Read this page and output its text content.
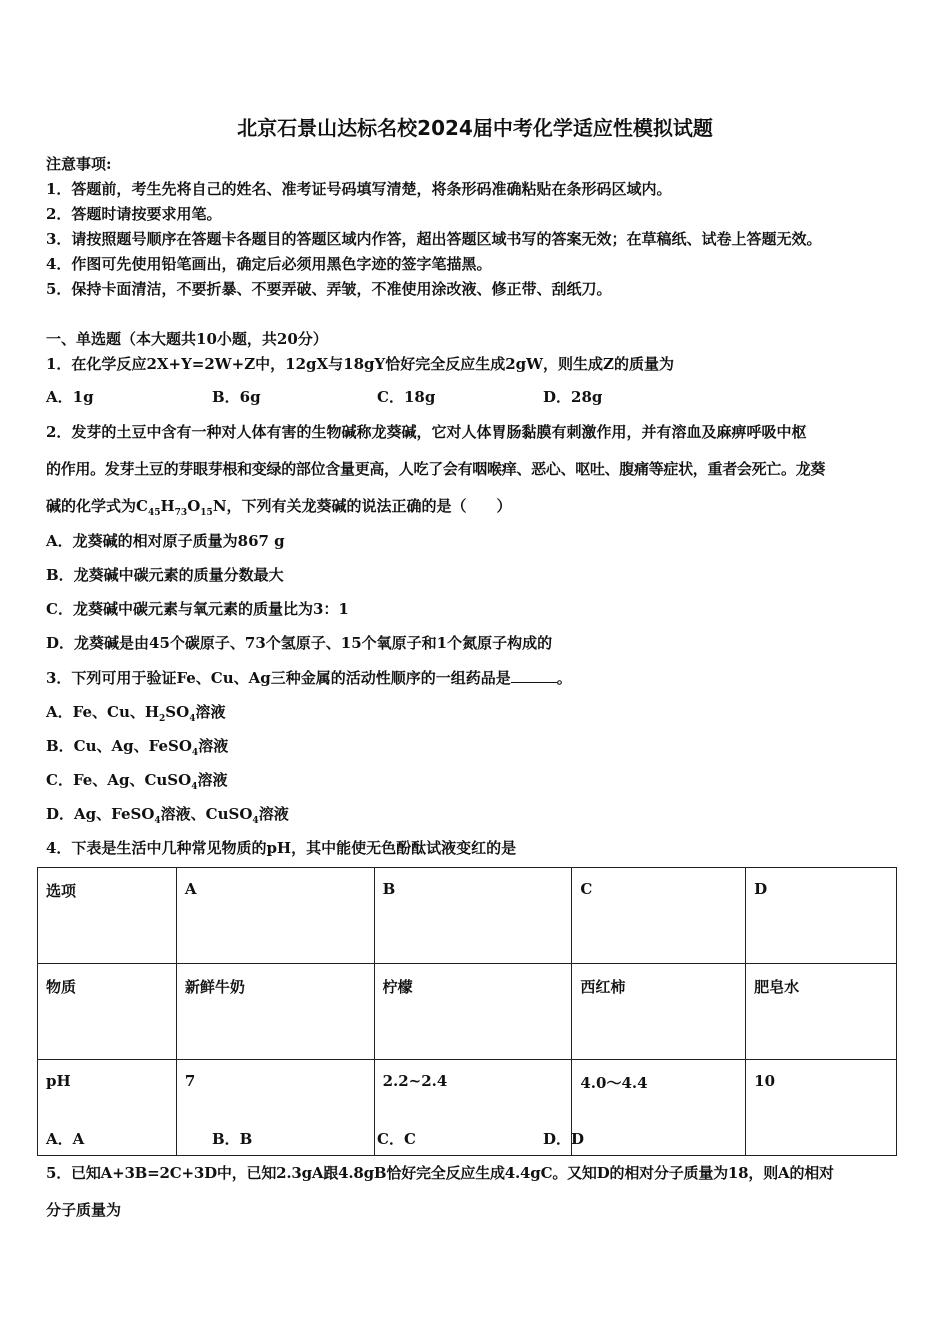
北京石景山达标名校2024届中考化学适应性模拟试题
注意事项:
1．答题前，考生先将自己的姓名、准考证号码填写清楚，将条形码准确粘贴在条形码区域内。
2．答题时请按要求用笔。
3．请按照题号顺序在答题卡各题目的答题区域内作答，超出答题区域书写的答案无效；在草稿纸、试卷上答题无效。
4．作图可先使用铅笔画出，确定后必须用黑色字迹的签字笔描黑。
5．保持卡面清洁，不要折暴、不要弄破、弄皱，不准使用涂改液、修正带、刮纸刀。
一、单选题（本大题共10小题，共20分）
1．在化学反应2X+Y=2W+Z中，12gX与18gY恰好完全反应生成2gW，则生成Z的质量为
A．1g	B．6g	C．18g	D．28g
2．发芽的土豆中含有一种对人体有害的生物碱称龙葵碱，它对人体胃肠黏膜有刺激作用，并有溶血及麻痹呼吸中枢
的作用。发芽土豆的芽眼芽根和变绿的部位含量更高，人吃了会有咽喉痒、恶心、呕吐、腹痛等症状，重者会死亡。龙葵
碱的化学式为$C_{45}H_{73}O_{15}N$，下列有关龙葵碱的说法正确的是（　　）
A．龙葵碱的相对原子质量为867 g
B．龙葵碱中碳元素的质量分数最大
C．龙葵碱中碳元素与氧元素的质量比为3：1
D．龙葵碱是由45个碳原子、73个氢原子、15个氧原子和1个氮原子构成的
3．下列可用于验证Fe、Cu、Ag三种金属的活动性顺序的一组药品是	。
A．Fe、Cu、$H_2SO_4$溶液
B．Cu、Ag、FeSO$_4$溶液
C．Fe、Ag、CuSO$_4$溶液
D．Ag、FeSO$_4$溶液、CuSO$_4$溶液
4．下表是生活中几种常见物质的pH，其中能使无色酚酞试液变红的是
选项	A	B	C	D
物质	新鲜牛奶	柠檬	西红柿	肥皂水
pH	7	2.2~2.4	4.0～4.4	10
A．A	B．B	C．C	D．D
5．已知A+3B=2C+3D中，已知2.3gA跟4.8gB恰好完全反应生成4.4gC。又知D的相对分子质量为18，则A的相对
分子质量为
